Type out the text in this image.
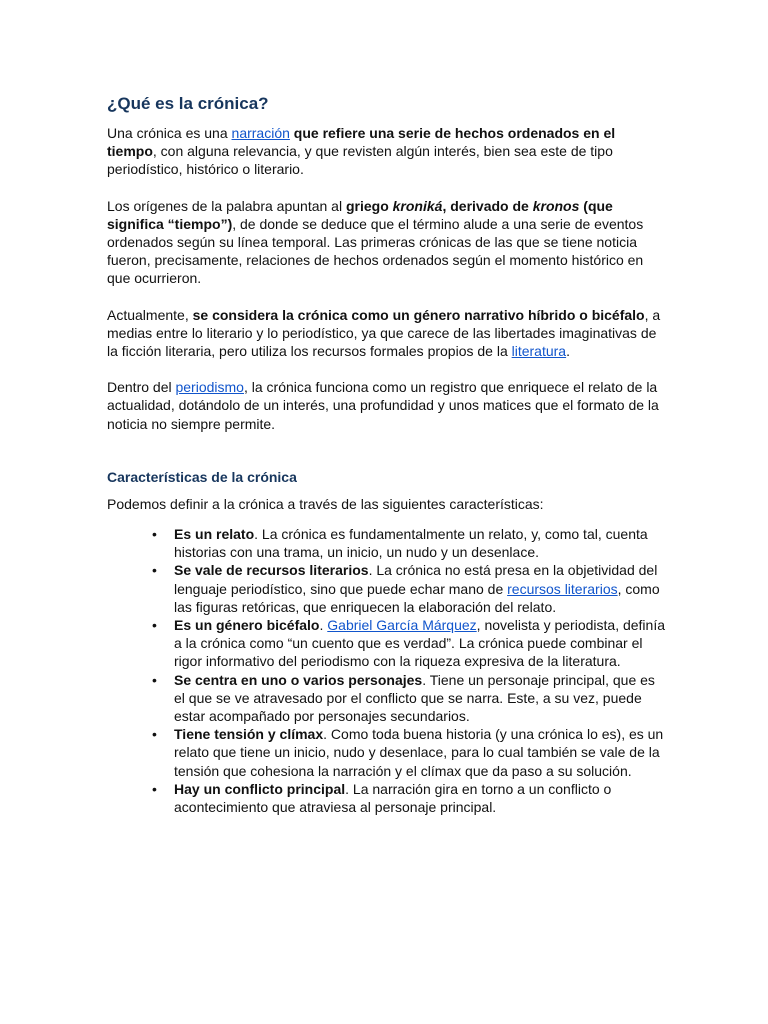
¿Qué es la crónica?

Una crónica es una narración que refiere una serie de hechos ordenados en el tiempo, con alguna relevancia, y que revisten algún interés, bien sea este de tipo periodístico, histórico o literario.

Los orígenes de la palabra apuntan al griego kroniká, derivado de kronos (que significa “tiempo”), de donde se deduce que el término alude a una serie de eventos ordenados según su línea temporal. Las primeras crónicas de las que se tiene noticia fueron, precisamente, relaciones de hechos ordenados según el momento histórico en que ocurrieron.

Actualmente, se considera la crónica como un género narrativo híbrido o bicéfalo, a medias entre lo literario y lo periodístico, ya que carece de las libertades imaginativas de la ficción literaria, pero utiliza los recursos formales propios de la literatura.

Dentro del periodismo, la crónica funciona como un registro que enriquece el relato de la actualidad, dotándolo de un interés, una profundidad y unos matices que el formato de la noticia no siempre permite.

Características de la crónica

Podemos definir a la crónica a través de las siguientes características:

• Es un relato. La crónica es fundamentalmente un relato, y, como tal, cuenta historias con una trama, un inicio, un nudo y un desenlace.
• Se vale de recursos literarios. La crónica no está presa en la objetividad del lenguaje periodístico, sino que puede echar mano de recursos literarios, como las figuras retóricas, que enriquecen la elaboración del relato.
• Es un género bicéfalo. Gabriel García Márquez, novelista y periodista, definía a la crónica como “un cuento que es verdad”. La crónica puede combinar el rigor informativo del periodismo con la riqueza expresiva de la literatura.
• Se centra en uno o varios personajes. Tiene un personaje principal, que es el que se ve atravesado por el conflicto que se narra. Este, a su vez, puede estar acompañado por personajes secundarios.
• Tiene tensión y clímax. Como toda buena historia (y una crónica lo es), es un relato que tiene un inicio, nudo y desenlace, para lo cual también se vale de la tensión que cohesiona la narración y el clímax que da paso a su solución.
• Hay un conflicto principal. La narración gira en torno a un conflicto o acontecimiento que atraviesa al personaje principal.
